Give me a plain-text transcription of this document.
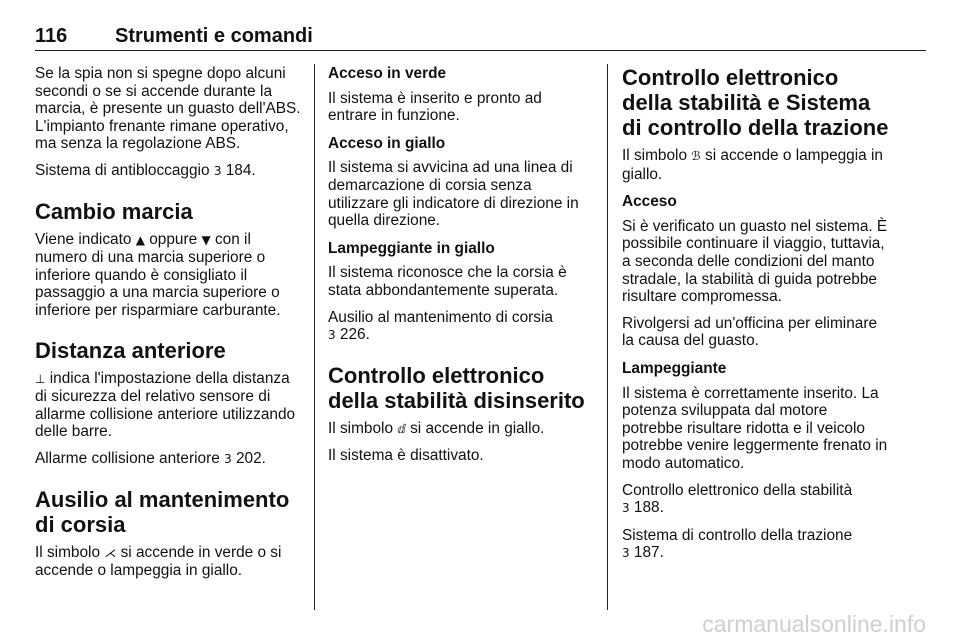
116 Strumenti e comandi

Se la spia non si spegne dopo alcuni secondi o se si accende durante la marcia, è presente un guasto dell'ABS. L'impianto frenante rimane operativo, ma senza la regolazione ABS.

Sistema di antibloccaggio 3 184.

Cambio marcia

Viene indicato ▲ oppure ▼ con il numero di una marcia superiore o inferiore quando è consigliato il passaggio a una marcia superiore o inferiore per risparmiare carburante.

Distanza anteriore

⊥ indica l'impostazione della distanza di sicurezza del relativo sensore di allarme collisione anteriore utilizzando delle barre.

Allarme collisione anteriore 3 202.

Ausilio al mantenimento di corsia

Il simbolo ⋌ si accende in verde o si accende o lampeggia in giallo.

Acceso in verde

Il sistema è inserito e pronto ad entrare in funzione.

Acceso in giallo

Il sistema si avvicina ad una linea di demarcazione di corsia senza utilizzare gli indicatore di direzione in quella direzione.

Lampeggiante in giallo

Il sistema riconosce che la corsia è stata abbondantemente superata.

Ausilio al mantenimento di corsia
3 226.

Controllo elettronico della stabilità disinserito

Il simbolo ⅆ si accende in giallo.

Il sistema è disattivato.

Controllo elettronico della stabilità e Sistema di controllo della trazione

Il simbolo ℬ si accende o lampeggia in giallo.

Acceso

Si è verificato un guasto nel sistema. È possibile continuare il viaggio, tuttavia, a seconda delle condizioni del manto stradale, la stabilità di guida potrebbe risultare compromessa.

Rivolgersi ad un'officina per eliminare la causa del guasto.

Lampeggiante

Il sistema è correttamente inserito. La potenza sviluppata dal motore potrebbe risultare ridotta e il veicolo potrebbe venire leggermente frenato in modo automatico.

Controllo elettronico della stabilità
3 188.

Sistema di controllo della trazione
3 187.

carmanualsonline.info
